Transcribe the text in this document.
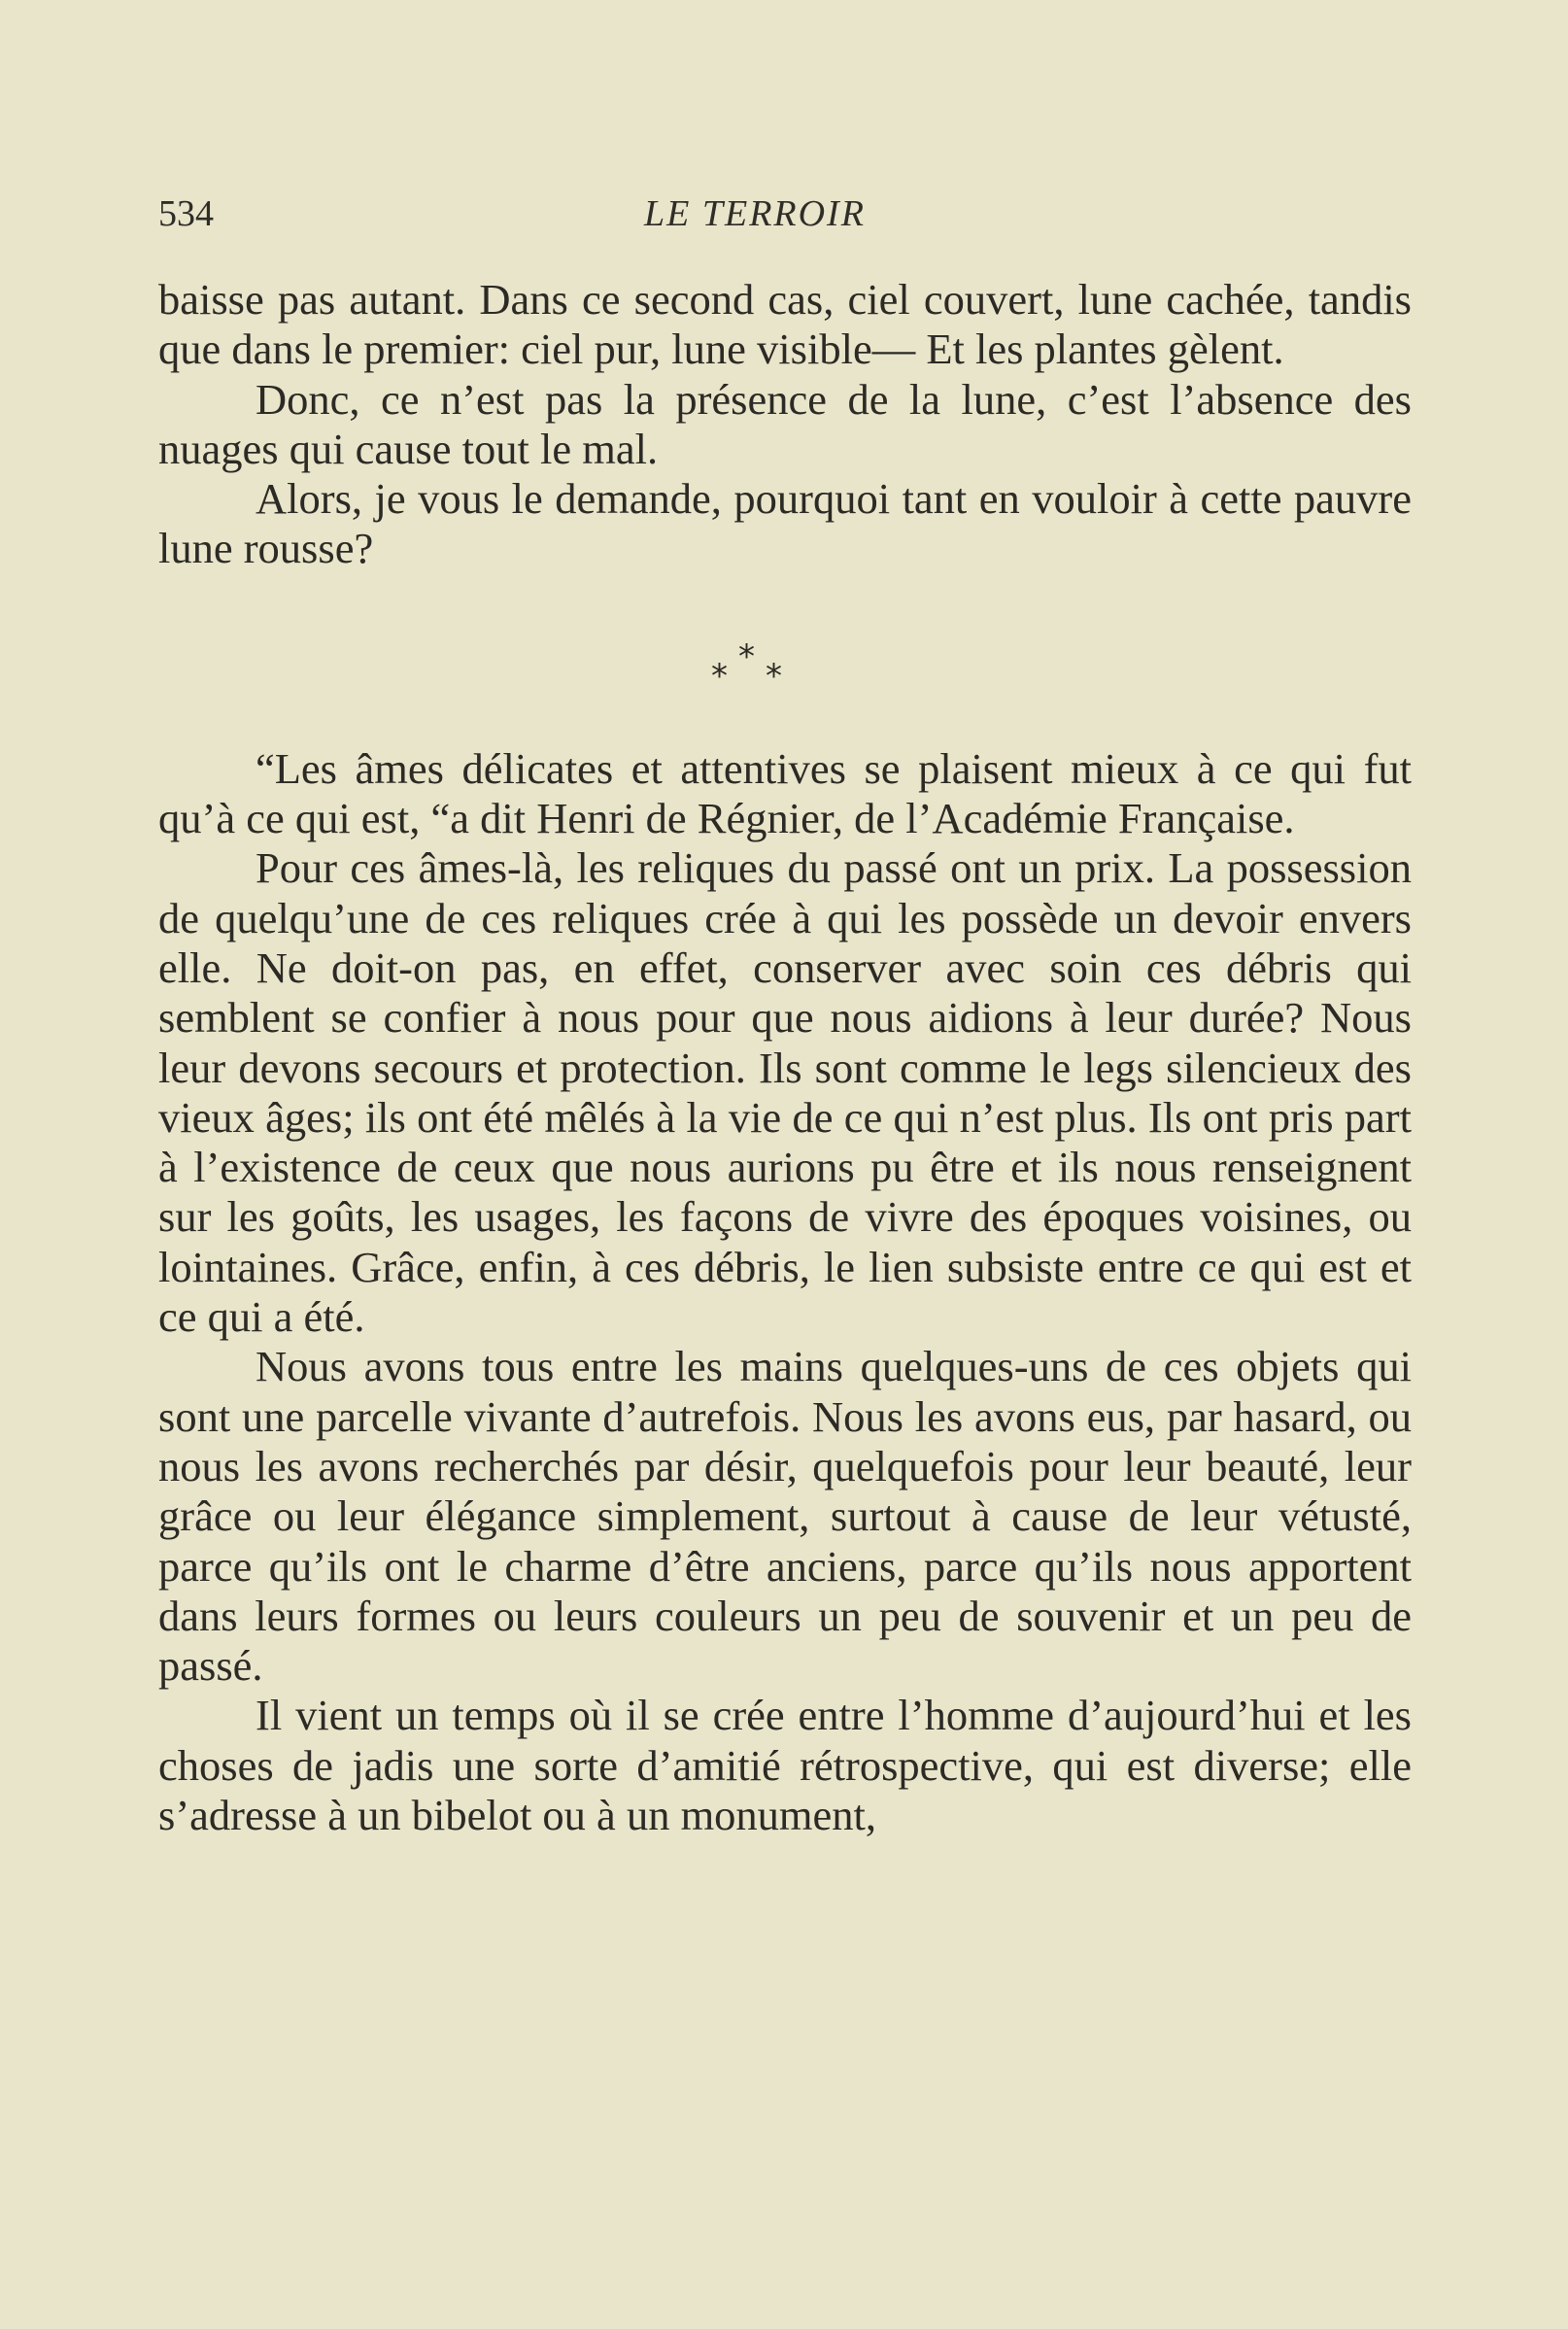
534	LE TERROIR

baisse pas autant. Dans ce second cas, ciel couvert, lune cachée, tandis que dans le premier: ciel pur, lune visible— Et les plantes gèlent.

Donc, ce n’est pas la présence de la lune, c’est l’absence des nuages qui cause tout le mal.

Alors, je vous le demande, pourquoi tant en vouloir à cette pauvre lune rousse?

*
* *

“Les âmes délicates et attentives se plaisent mieux à ce qui fut qu’à ce qui est, “a dit Henri de Régnier, de l’Académie Française.

Pour ces âmes-là, les reliques du passé ont un prix. La possession de quelqu’une de ces reliques crée à qui les possède un devoir envers elle. Ne doit-on pas, en effet, conserver avec soin ces débris qui semblent se confier à nous pour que nous aidions à leur durée? Nous leur devons secours et protection. Ils sont comme le legs silencieux des vieux âges; ils ont été mêlés à la vie de ce qui n’est plus. Ils ont pris part à l’existence de ceux que nous aurions pu être et ils nous renseignent sur les goûts, les usages, les façons de vivre des époques voisines, ou lointaines. Grâce, enfin, à ces débris, le lien subsiste entre ce qui est et ce qui a été.

Nous avons tous entre les mains quelques-uns de ces objets qui sont une parcelle vivante d’autrefois. Nous les avons eus, par hasard, ou nous les avons recherchés par désir, quelquefois pour leur beauté, leur grâce ou leur élégance simplement, surtout à cause de leur vétusté, parce qu’ils ont le charme d’être anciens, parce qu’ils nous apportent dans leurs formes ou leurs couleurs un peu de souvenir et un peu de passé.

Il vient un temps où il se crée entre l’homme d’aujourd’hui et les choses de jadis une sorte d’amitié rétrospective, qui est diverse; elle s’adresse à un bibelot ou à un monument,
